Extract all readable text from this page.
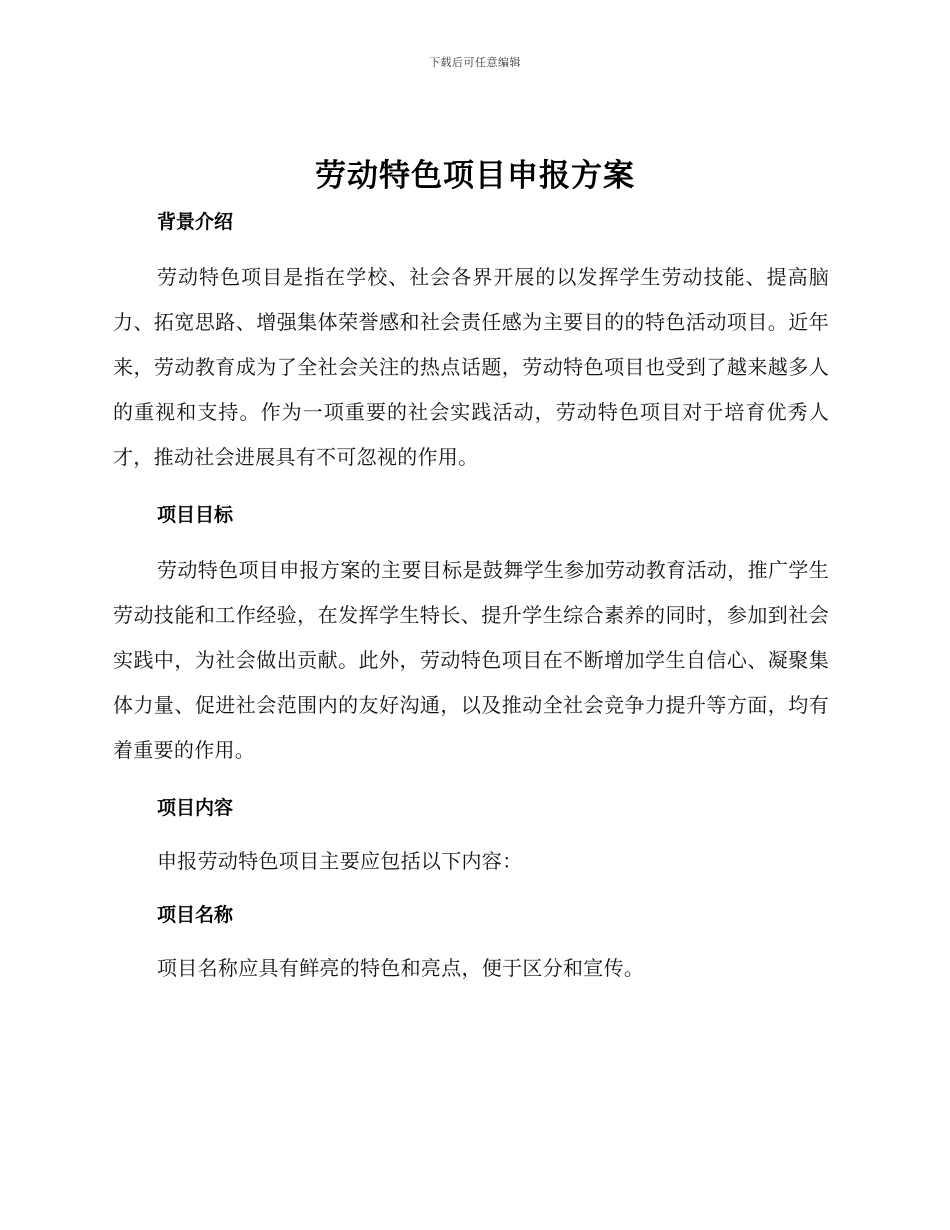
下载后可任意编辑
劳动特色项目申报方案
背景介绍

劳动特色项目是指在学校、社会各界开展的以发挥学生劳动技能、提高脑力、拓宽思路、增强集体荣誉感和社会责任感为主要目的的特色活动项目。近年来，劳动教育成为了全社会关注的热点话题，劳动特色项目也受到了越来越多人的重视和支持。作为一项重要的社会实践活动，劳动特色项目对于培育优秀人才，推动社会进展具有不可忽视的作用。

项目目标

劳动特色项目申报方案的主要目标是鼓舞学生参加劳动教育活动，推广学生劳动技能和工作经验，在发挥学生特长、提升学生综合素养的同时，参加到社会实践中，为社会做出贡献。此外，劳动特色项目在不断增加学生自信心、凝聚集体力量、促进社会范围内的友好沟通，以及推动全社会竞争力提升等方面，均有着重要的作用。

项目内容

申报劳动特色项目主要应包括以下内容：

项目名称

项目名称应具有鲜亮的特色和亮点，便于区分和宣传。
